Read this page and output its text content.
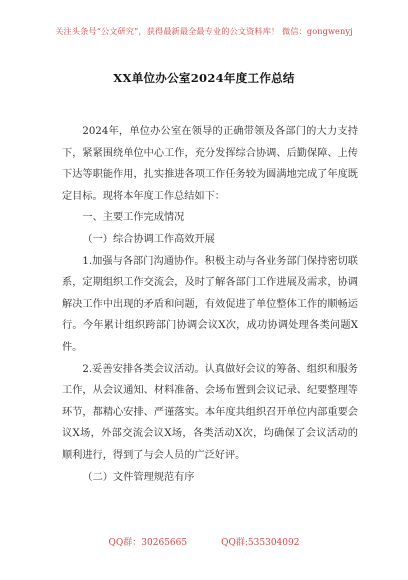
关注头条号“公文研究”，获得最新最全最专业的公文资料库！ 微信：gongwenyj
XX单位办公室2024年度工作总结

2024年，单位办公室在领导的正确带领及各部门的大力支持下，紧紧围绕单位中心工作，充分发挥综合协调、后勤保障、上传下达等职能作用，扎实推进各项工作任务较为圆满地完成了年度既定目标。现将本年度工作总结如下：

一、主要工作完成情况

（一）综合协调工作高效开展

1.加强与各部门沟通协作。积极主动与各业务部门保持密切联系，定期组织工作交流会，及时了解各部门工作进展及需求，协调解决工作中出现的矛盾和问题，有效促进了单位整体工作的顺畅运行。今年累计组织跨部门协调会议X次，成功协调处理各类问题X件。

2.妥善安排各类会议活动。认真做好会议的筹备、组织和服务工作，从会议通知、材料准备、会场布置到会议记录、纪要整理等环节，都精心安排、严谨落实。本年度共组织召开单位内部重要会议X场，外部交流会议X场，各类活动X次，均确保了会议活动的顺利进行，得到了与会人员的广泛好评。

（二）文件管理规范有序

QQ群：30265665	QQ群:535304092
